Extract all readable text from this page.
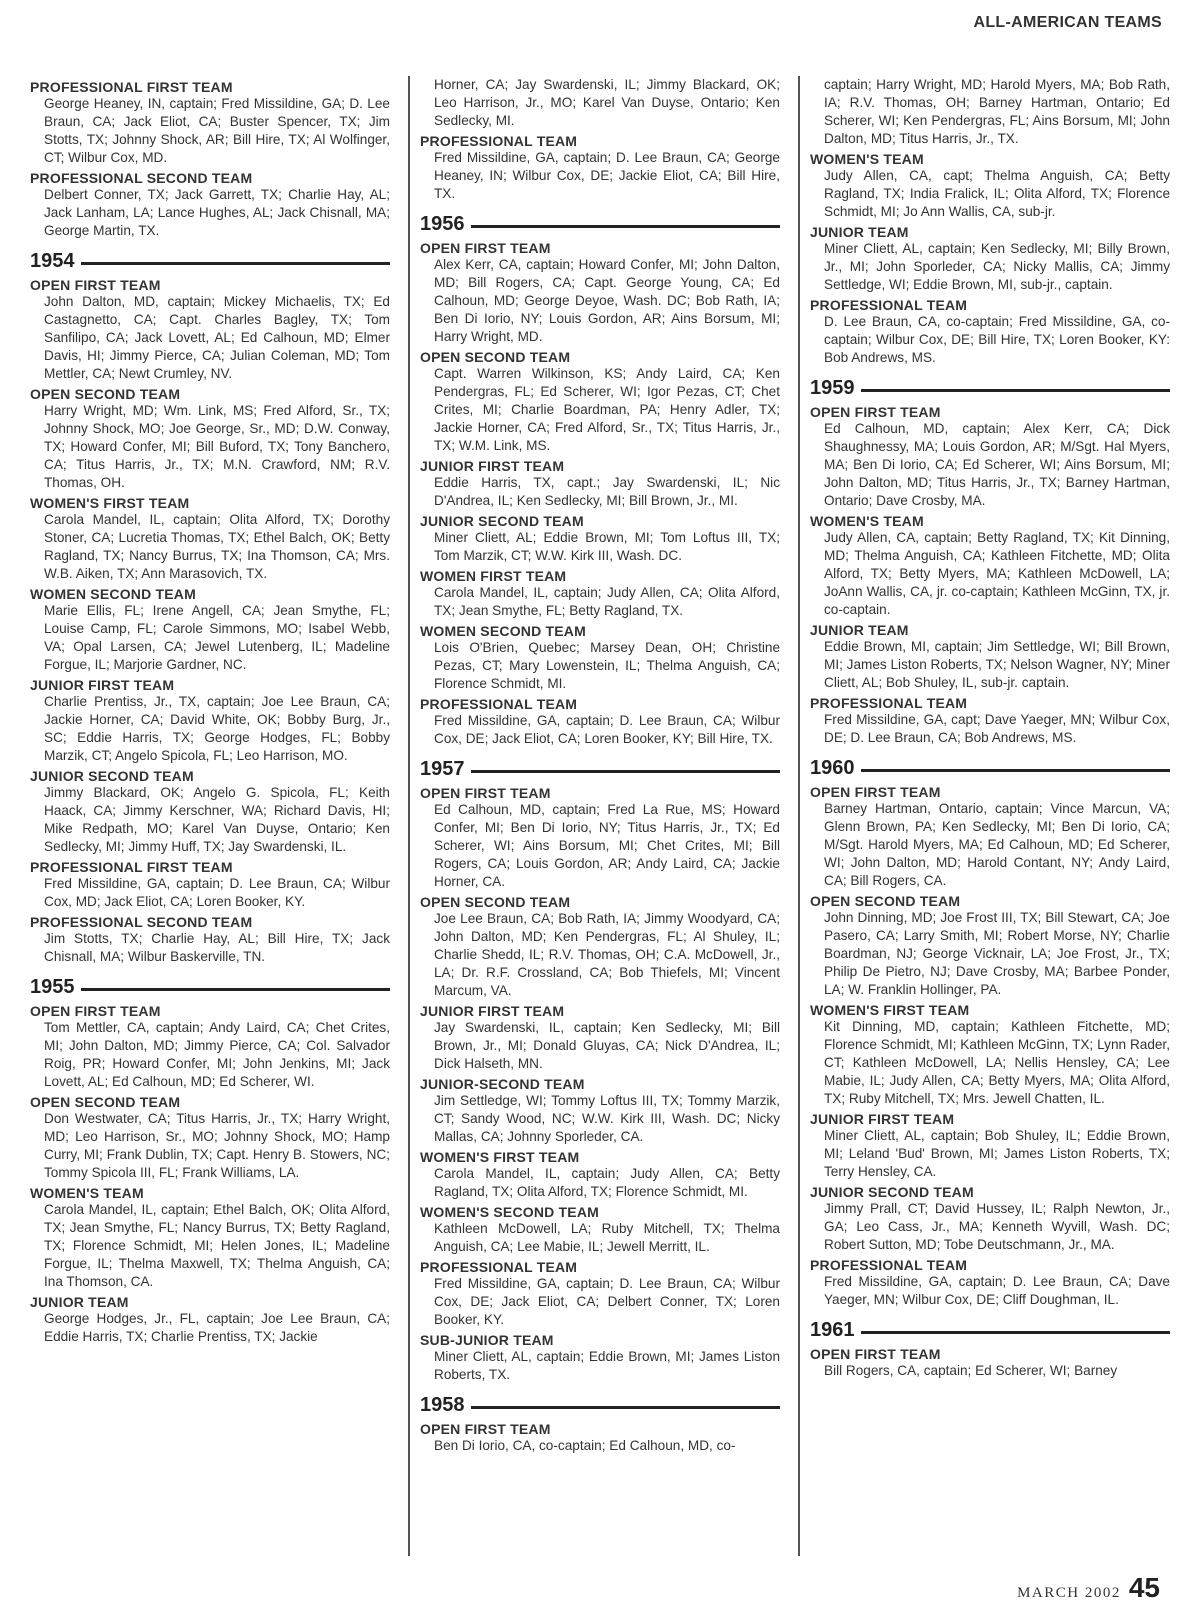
ALL-AMERICAN TEAMS
PROFESSIONAL FIRST TEAM
George Heaney, IN, captain; Fred Missildine, GA; D. Lee Braun, CA; Jack Eliot, CA; Buster Spencer, TX; Jim Stotts, TX; Johnny Shock, AR; Bill Hire, TX; Al Wolfinger, CT; Wilbur Cox, MD.
PROFESSIONAL SECOND TEAM
Delbert Conner, TX; Jack Garrett, TX; Charlie Hay, AL; Jack Lanham, LA; Lance Hughes, AL; Jack Chisnall, MA; George Martin, TX.
1954
OPEN FIRST TEAM
John Dalton, MD, captain; Mickey Michaelis, TX; Ed Castagnetto, CA; Capt. Charles Bagley, TX; Tom Sanfilipo, CA; Jack Lovett, AL; Ed Calhoun, MD; Elmer Davis, HI; Jimmy Pierce, CA; Julian Coleman, MD; Tom Mettler, CA; Newt Crumley, NV.
OPEN SECOND TEAM
Harry Wright, MD; Wm. Link, MS; Fred Alford, Sr., TX; Johnny Shock, MO; Joe George, Sr., MD; D.W. Conway, TX; Howard Confer, MI; Bill Buford, TX; Tony Banchero, CA; Titus Harris, Jr., TX; M.N. Crawford, NM; R.V. Thomas, OH.
WOMEN'S FIRST TEAM
Carola Mandel, IL, captain; Olita Alford, TX; Dorothy Stoner, CA; Lucretia Thomas, TX; Ethel Balch, OK; Betty Ragland, TX; Nancy Burrus, TX; Ina Thomson, CA; Mrs. W.B. Aiken, TX; Ann Marasovich, TX.
WOMEN SECOND TEAM
Marie Ellis, FL; Irene Angell, CA; Jean Smythe, FL; Louise Camp, FL; Carole Simmons, MO; Isabel Webb, VA; Opal Larsen, CA; Jewel Lutenberg, IL; Madeline Forgue, IL; Marjorie Gardner, NC.
JUNIOR FIRST TEAM
Charlie Prentiss, Jr., TX, captain; Joe Lee Braun, CA; Jackie Horner, CA; David White, OK; Bobby Burg, Jr., SC; Eddie Harris, TX; George Hodges, FL; Bobby Marzik, CT; Angelo Spicola, FL; Leo Harrison, MO.
JUNIOR SECOND TEAM
Jimmy Blackard, OK; Angelo G. Spicola, FL; Keith Haack, CA; Jimmy Kerschner, WA; Richard Davis, HI; Mike Redpath, MO; Karel Van Duyse, Ontario; Ken Sedlecky, MI; Jimmy Huff, TX; Jay Swardenski, IL.
PROFESSIONAL FIRST TEAM
Fred Missildine, GA, captain; D. Lee Braun, CA; Wilbur Cox, MD; Jack Eliot, CA; Loren Booker, KY.
PROFESSIONAL SECOND TEAM
Jim Stotts, TX; Charlie Hay, AL; Bill Hire, TX; Jack Chisnall, MA; Wilbur Baskerville, TN.
1955
OPEN FIRST TEAM
Tom Mettler, CA, captain; Andy Laird, CA; Chet Crites, MI; John Dalton, MD; Jimmy Pierce, CA; Col. Salvador Roig, PR; Howard Confer, MI; John Jenkins, MI; Jack Lovett, AL; Ed Calhoun, MD; Ed Scherer, WI.
OPEN SECOND TEAM
Don Westwater, CA; Titus Harris, Jr., TX; Harry Wright, MD; Leo Harrison, Sr., MO; Johnny Shock, MO; Hamp Curry, MI; Frank Dublin, TX; Capt. Henry B. Stowers, NC; Tommy Spicola III, FL; Frank Williams, LA.
WOMEN'S TEAM
Carola Mandel, IL, captain; Ethel Balch, OK; Olita Alford, TX; Jean Smythe, FL; Nancy Burrus, TX; Betty Ragland, TX; Florence Schmidt, MI; Helen Jones, IL; Madeline Forgue, IL; Thelma Maxwell, TX; Thelma Anguish, CA; Ina Thomson, CA.
JUNIOR TEAM
George Hodges, Jr., FL, captain; Joe Lee Braun, CA; Eddie Harris, TX; Charlie Prentiss, TX; Jackie
Horner, CA; Jay Swardenski, IL; Jimmy Blackard, OK; Leo Harrison, Jr., MO; Karel Van Duyse, Ontario; Ken Sedlecky, MI.
PROFESSIONAL TEAM
Fred Missildine, GA, captain; D. Lee Braun, CA; George Heaney, IN; Wilbur Cox, DE; Jackie Eliot, CA; Bill Hire, TX.
1956
OPEN FIRST TEAM
Alex Kerr, CA, captain; Howard Confer, MI; John Dalton, MD; Bill Rogers, CA; Capt. George Young, CA; Ed Calhoun, MD; George Deyoe, Wash. DC; Bob Rath, IA; Ben Di Iorio, NY; Louis Gordon, AR; Ains Borsum, MI; Harry Wright, MD.
OPEN SECOND TEAM
Capt. Warren Wilkinson, KS; Andy Laird, CA; Ken Pendergras, FL; Ed Scherer, WI; Igor Pezas, CT; Chet Crites, MI; Charlie Boardman, PA; Henry Adler, TX; Jackie Horner, CA; Fred Alford, Sr., TX; Titus Harris, Jr., TX; W.M. Link, MS.
JUNIOR FIRST TEAM
Eddie Harris, TX, capt.; Jay Swardenski, IL; Nic D'Andrea, IL; Ken Sedlecky, MI; Bill Brown, Jr., MI.
JUNIOR SECOND TEAM
Miner Cliett, AL; Eddie Brown, MI; Tom Loftus III, TX; Tom Marzik, CT; W.W. Kirk III, Wash. DC.
WOMEN FIRST TEAM
Carola Mandel, IL, captain; Judy Allen, CA; Olita Alford, TX; Jean Smythe, FL; Betty Ragland, TX.
WOMEN SECOND TEAM
Lois O'Brien, Quebec; Marsey Dean, OH; Christine Pezas, CT; Mary Lowenstein, IL; Thelma Anguish, CA; Florence Schmidt, MI.
PROFESSIONAL TEAM
Fred Missildine, GA, captain; D. Lee Braun, CA; Wilbur Cox, DE; Jack Eliot, CA; Loren Booker, KY; Bill Hire, TX.
1957
OPEN FIRST TEAM
Ed Calhoun, MD, captain; Fred La Rue, MS; Howard Confer, MI; Ben Di Iorio, NY; Titus Harris, Jr., TX; Ed Scherer, WI; Ains Borsum, MI; Chet Crites, MI; Bill Rogers, CA; Louis Gordon, AR; Andy Laird, CA; Jackie Horner, CA.
OPEN SECOND TEAM
Joe Lee Braun, CA; Bob Rath, IA; Jimmy Woodyard, CA; John Dalton, MD; Ken Pendergras, FL; Al Shuley, IL; Charlie Shedd, IL; R.V. Thomas, OH; C.A. McDowell, Jr., LA; Dr. R.F. Crossland, CA; Bob Thiefels, MI; Vincent Marcum, VA.
JUNIOR FIRST TEAM
Jay Swardenski, IL, captain; Ken Sedlecky, MI; Bill Brown, Jr., MI; Donald Gluyas, CA; Nick D'Andrea, IL; Dick Halseth, MN.
JUNIOR-SECOND TEAM
Jim Settledge, WI; Tommy Loftus III, TX; Tommy Marzik, CT; Sandy Wood, NC; W.W. Kirk III, Wash. DC; Nicky Mallas, CA; Johnny Sporleder, CA.
WOMEN'S FIRST TEAM
Carola Mandel, IL, captain; Judy Allen, CA; Betty Ragland, TX; Olita Alford, TX; Florence Schmidt, MI.
WOMEN'S SECOND TEAM
Kathleen McDowell, LA; Ruby Mitchell, TX; Thelma Anguish, CA; Lee Mabie, IL; Jewell Merritt, IL.
PROFESSIONAL TEAM
Fred Missildine, GA, captain; D. Lee Braun, CA; Wilbur Cox, DE; Jack Eliot, CA; Delbert Conner, TX; Loren Booker, KY.
SUB-JUNIOR TEAM
Miner Cliett, AL, captain; Eddie Brown, MI; James Liston Roberts, TX.
1958
OPEN FIRST TEAM
Ben Di Iorio, CA, co-captain; Ed Calhoun, MD, co-
captain; Harry Wright, MD; Harold Myers, MA; Bob Rath, IA; R.V. Thomas, OH; Barney Hartman, Ontario; Ed Scherer, WI; Ken Pendergras, FL; Ains Borsum, MI; John Dalton, MD; Titus Harris, Jr., TX.
WOMEN'S TEAM
Judy Allen, CA, capt; Thelma Anguish, CA; Betty Ragland, TX; India Fralick, IL; Olita Alford, TX; Florence Schmidt, MI; Jo Ann Wallis, CA, sub-jr.
JUNIOR TEAM
Miner Cliett, AL, captain; Ken Sedlecky, MI; Billy Brown, Jr., MI; John Sporleder, CA; Nicky Mallis, CA; Jimmy Settledge, WI; Eddie Brown, MI, sub-jr., captain.
PROFESSIONAL TEAM
D. Lee Braun, CA, co-captain; Fred Missildine, GA, co-captain; Wilbur Cox, DE; Bill Hire, TX; Loren Booker, KY: Bob Andrews, MS.
1959
OPEN FIRST TEAM
Ed Calhoun, MD, captain; Alex Kerr, CA; Dick Shaughnessy, MA; Louis Gordon, AR; M/Sgt. Hal Myers, MA; Ben Di Iorio, CA; Ed Scherer, WI; Ains Borsum, MI; John Dalton, MD; Titus Harris, Jr., TX; Barney Hartman, Ontario; Dave Crosby, MA.
WOMEN'S TEAM
Judy Allen, CA, captain; Betty Ragland, TX; Kit Dinning, MD; Thelma Anguish, CA; Kathleen Fitchette, MD; Olita Alford, TX; Betty Myers, MA; Kathleen McDowell, LA; JoAnn Wallis, CA, jr. co-captain; Kathleen McGinn, TX, jr. co-captain.
JUNIOR TEAM
Eddie Brown, MI, captain; Jim Settledge, WI; Bill Brown, MI; James Liston Roberts, TX; Nelson Wagner, NY; Miner Cliett, AL; Bob Shuley, IL, sub-jr. captain.
PROFESSIONAL TEAM
Fred Missildine, GA, capt; Dave Yaeger, MN; Wilbur Cox, DE; D. Lee Braun, CA; Bob Andrews, MS.
1960
OPEN FIRST TEAM
Barney Hartman, Ontario, captain; Vince Marcun, VA; Glenn Brown, PA; Ken Sedlecky, MI; Ben Di Iorio, CA; M/Sgt. Harold Myers, MA; Ed Calhoun, MD; Ed Scherer, WI; John Dalton, MD; Harold Contant, NY; Andy Laird, CA; Bill Rogers, CA.
OPEN SECOND TEAM
John Dinning, MD; Joe Frost III, TX; Bill Stewart, CA; Joe Pasero, CA; Larry Smith, MI; Robert Morse, NY; Charlie Boardman, NJ; George Vicknair, LA; Joe Frost, Jr., TX; Philip De Pietro, NJ; Dave Crosby, MA; Barbee Ponder, LA; W. Franklin Hollinger, PA.
WOMEN'S FIRST TEAM
Kit Dinning, MD, captain; Kathleen Fitchette, MD; Florence Schmidt, MI; Kathleen McGinn, TX; Lynn Rader, CT; Kathleen McDowell, LA; Nellis Hensley, CA; Lee Mabie, IL; Judy Allen, CA; Betty Myers, MA; Olita Alford, TX; Ruby Mitchell, TX; Mrs. Jewell Chatten, IL.
JUNIOR FIRST TEAM
Miner Cliett, AL, captain; Bob Shuley, IL; Eddie Brown, MI; Leland 'Bud' Brown, MI; James Liston Roberts, TX; Terry Hensley, CA.
JUNIOR SECOND TEAM
Jimmy Prall, CT; David Hussey, IL; Ralph Newton, Jr., GA; Leo Cass, Jr., MA; Kenneth Wyvill, Wash. DC; Robert Sutton, MD; Tobe Deutschmann, Jr., MA.
PROFESSIONAL TEAM
Fred Missildine, GA, captain; D. Lee Braun, CA; Dave Yaeger, MN; Wilbur Cox, DE; Cliff Doughman, IL.
1961
OPEN FIRST TEAM
Bill Rogers, CA, captain; Ed Scherer, WI; Barney
MARCH 2002 45
